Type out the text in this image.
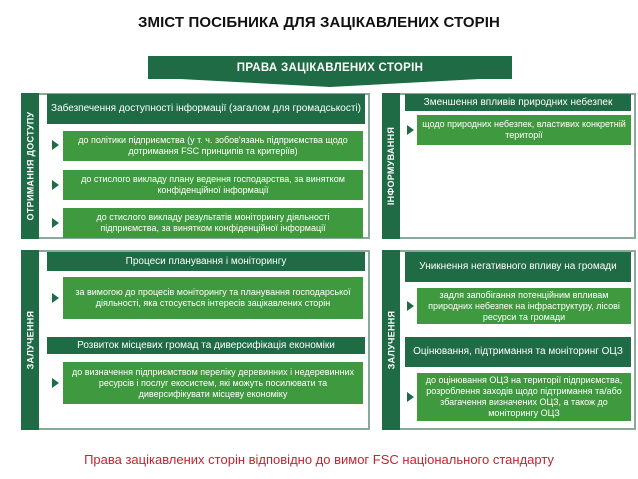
ЗМІСТ ПОСІБНИКА ДЛЯ ЗАЦІКАВЛЕНИХ СТОРІН
ПРАВА ЗАЦІКАВЛЕНИХ СТОРІН
ОТРИМАННЯ ДОСТУПУ
Забезпечення доступності інформації (загалом для громадськості)
до політики підприємства (у т. ч. зобов'язань підприємства щодо дотримання FSC принципів та критеріїв)
до стислого викладу плану ведення господарства, за винятком конфіденційної інформації
до стислого викладу результатів моніторингу діяльності підприємства, за винятком конфіденційної інформації
ІНФОРМУВАННЯ
Зменшення впливів природних небезпек
щодо природних небезпек, властивих конкретній території
ЗАЛУЧЕННЯ
Процеси планування і моніторингу
за вимогою до процесів моніторингу та планування господарської діяльності, яка стосується інтересів зацікавлених сторін
Розвиток місцевих громад та диверсифікація економіки
до визначення підприємством переліку деревинних і недеревинних ресурсів і послуг екосистем, які можуть посилювати та диверсифікувати місцеву економіку
ЗАЛУЧЕННЯ
Уникнення негативного впливу на громади
задля запобігання потенційним впливам природних небезпек на інфраструктуру, лісові ресурси та громади
Оцінювання, підтримання та моніторинг ОЦЗ
до оцінювання ОЦЗ на території підприємства, розроблення заходів щодо підтримання та/або збагачення визначених ОЦЗ, а також до моніторингу ОЦЗ
Права зацікавлених сторін відповідно до вимог FSC національного стандарту
